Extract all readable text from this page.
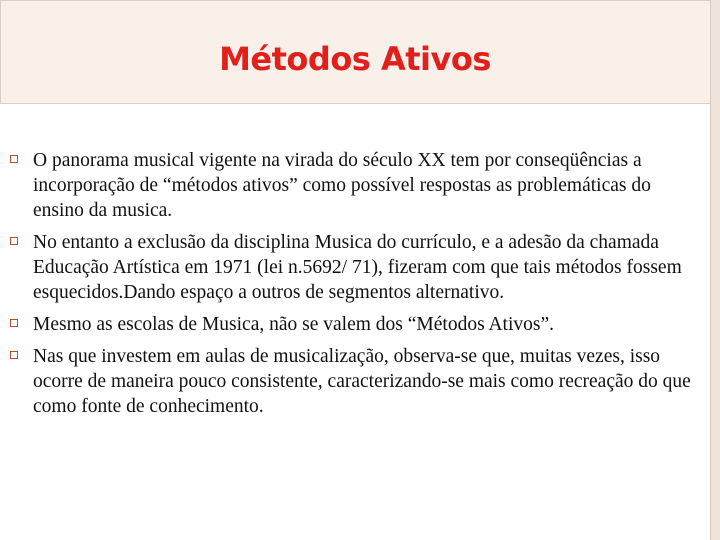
Métodos Ativos
O panorama musical vigente na virada do século XX tem por conseqüências a incorporação de “métodos ativos” como possível respostas as problemáticas do ensino da musica.
No entanto a exclusão da disciplina Musica do currículo, e a adesão da chamada Educação Artística em 1971 (lei n.5692/ 71), fizeram com que tais métodos fossem esquecidos.Dando espaço a outros de segmentos alternativo.
Mesmo as escolas de Musica, não se valem dos “Métodos Ativos”.
Nas que investem em aulas de musicalização, observa-se que, muitas vezes, isso ocorre de maneira pouco consistente, caracterizando-se mais como recreação do que como fonte de conhecimento.
